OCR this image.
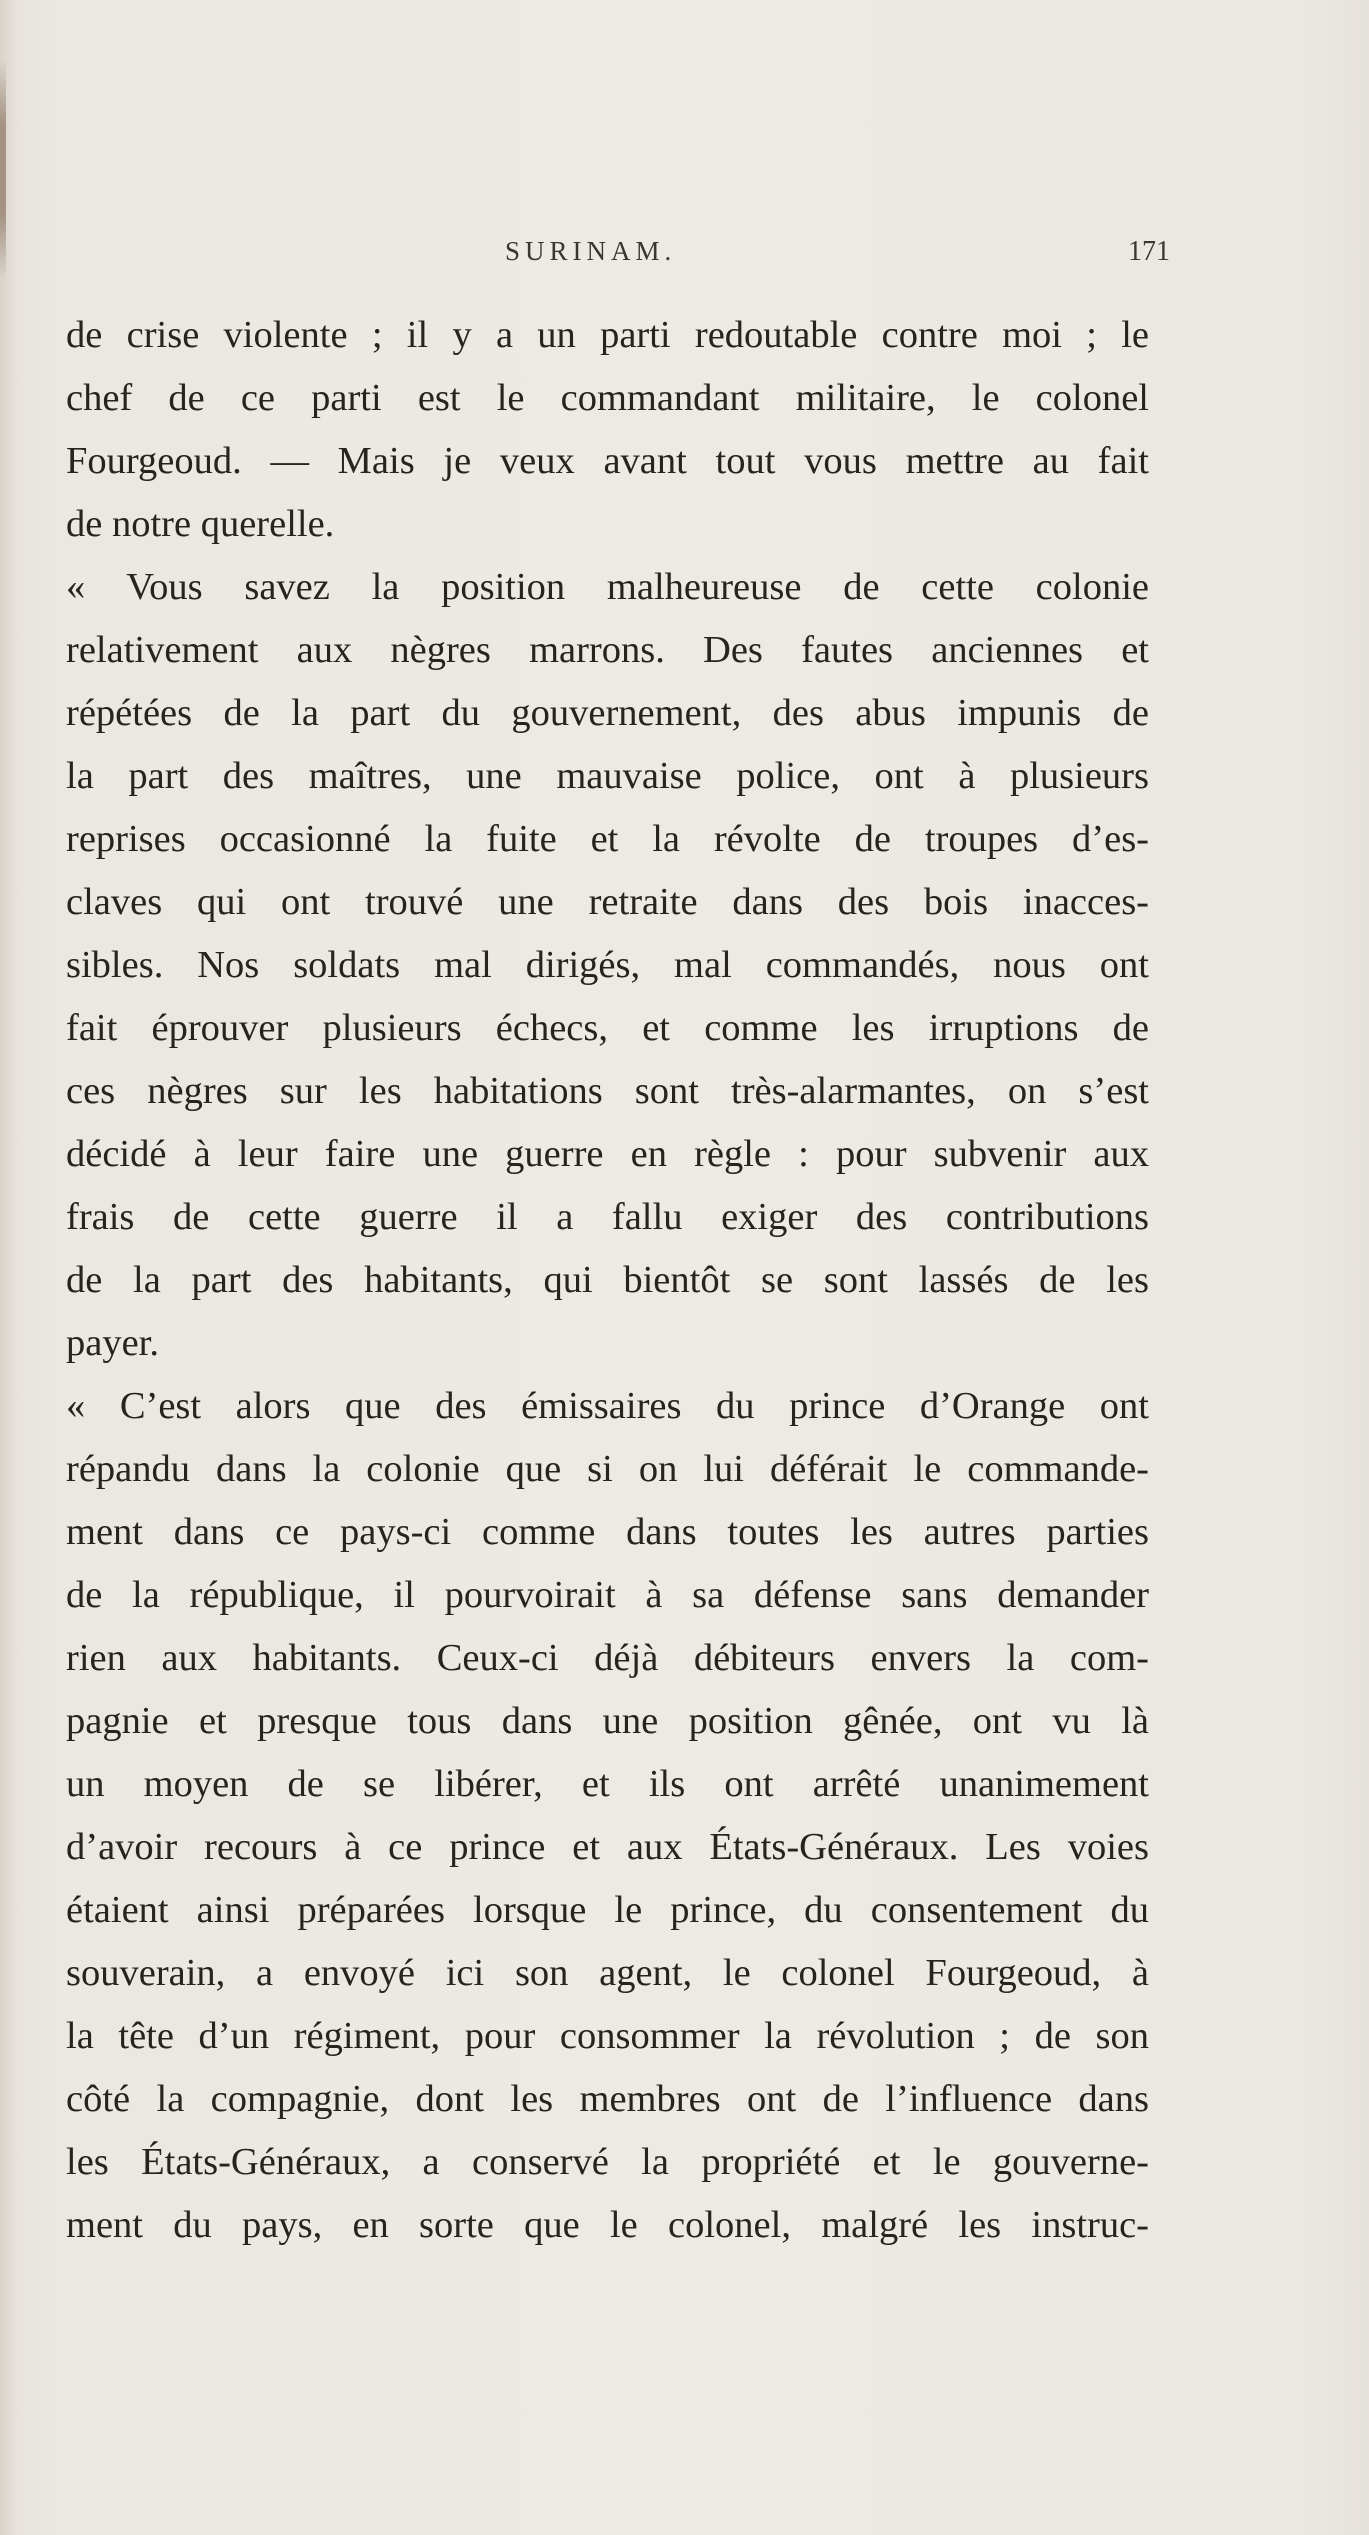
SURINAM.	171
de crise violente ; il y a un parti redoutable contre moi ; le
chef de ce parti est le commandant militaire, le colonel
Fourgeoud. — Mais je veux avant tout vous mettre au fait
de notre querelle.
« Vous savez la position malheureuse de cette colonie
relativement aux nègres marrons. Des fautes anciennes et
répétées de la part du gouvernement, des abus impunis de
la part des maîtres, une mauvaise police, ont à plusieurs
reprises occasionné la fuite et la révolte de troupes d’es-
claves qui ont trouvé une retraite dans des bois inacces-
sibles. Nos soldats mal dirigés, mal commandés, nous ont
fait éprouver plusieurs échecs, et comme les irruptions de
ces nègres sur les habitations sont très-alarmantes, on s’est
décidé à leur faire une guerre en règle : pour subvenir aux
frais de cette guerre il a fallu exiger des contributions
de la part des habitants, qui bientôt se sont lassés de les
payer.
« C’est alors que des émissaires du prince d’Orange ont
répandu dans la colonie que si on lui déférait le commande-
ment dans ce pays-ci comme dans toutes les autres parties
de la république, il pourvoirait à sa défense sans demander
rien aux habitants. Ceux-ci déjà débiteurs envers la com-
pagnie et presque tous dans une position gênée, ont vu là
un moyen de se libérer, et ils ont arrêté unanimement
d’avoir recours à ce prince et aux États-Généraux. Les voies
étaient ainsi préparées lorsque le prince, du consentement du
souverain, a envoyé ici son agent, le colonel Fourgeoud, à
la tête d’un régiment, pour consommer la révolution ; de son
côté la compagnie, dont les membres ont de l’influence dans
les États-Généraux, a conservé la propriété et le gouverne-
ment du pays, en sorte que le colonel, malgré les instruc-
